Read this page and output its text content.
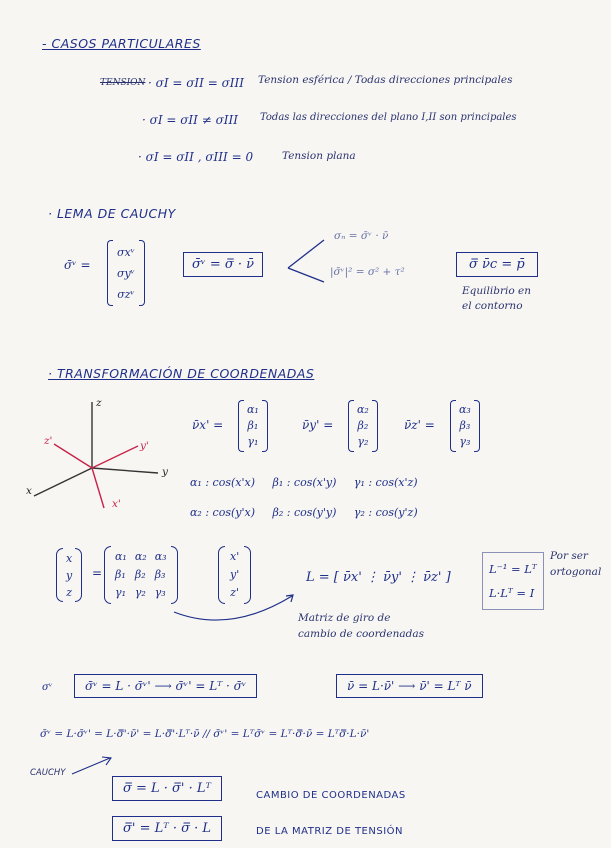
- CASOS PARTICULARES
TENSION · σI = σII = σIII Tension esférica / Todas direcciones principales
· σI = σII ≠ σIII Todas las direcciones del plano I,II son principales
· σI = σII , σIII = 0	Tension plana
· LEMA DE CAUCHY
σ̄ᵛ =
σxᵛ
σyᵛ
σzᵛ
σ̄ᵛ = σ̿ · ν̄
σₙ = σ̄ᵛ · ν̄
|σ̄ᵛ|² = σ² + τ²	σ̿ ν̄c = p̄
Equilibrio en
el contorno
· TRANSFORMACIÓN DE COORDENADAS
z
z'
y
y'
x
x'
ν̄x' =
α₁
β₁
γ₁
ν̄y' =
α₂
β₂
γ₂
ν̄z' =
α₃
β₃
γ₃
α₁ : cos(x'x)     β₁ : cos(x'y)     γ₁ : cos(x'z)
α₂ : cos(y'x)     β₂ : cos(y'y)     γ₂ : cos(y'z)
x
y
z
=
α₁ α₂ α₃
β₁ β₂ β₃
γ₁ γ₂ γ₃
x'
y'
z'
L = [ ν̄x' ⋮ ν̄y' ⋮ ν̄z' ]
Matriz de giro de
cambio de coordenadas
L⁻¹ = Lᵀ
L·Lᵀ = I
Por ser
ortogonal
σᵛ	σ̄ᵛ = L · σ̄ᵛ' ⟶ σ̄ᵛ' = Lᵀ · σ̄ᵛ	ν̄ = L·ν̄' ⟶ ν̄' = Lᵀ ν̄
σ̄ᵛ = L·σ̄ᵛ' = L·σ̿'·ν̄' = L·σ̿'·Lᵀ·ν̄ // σ̄ᵛ' = Lᵀσ̄ᵛ = Lᵀ·σ̿·ν̄ = Lᵀσ̿·L·ν̄'
CAUCHY
σ̿ = L · σ̿' · Lᵀ
σ̿' = Lᵀ · σ̿ · L
CAMBIO DE COORDENADAS
DE LA MATRIZ DE TENSIÓN
